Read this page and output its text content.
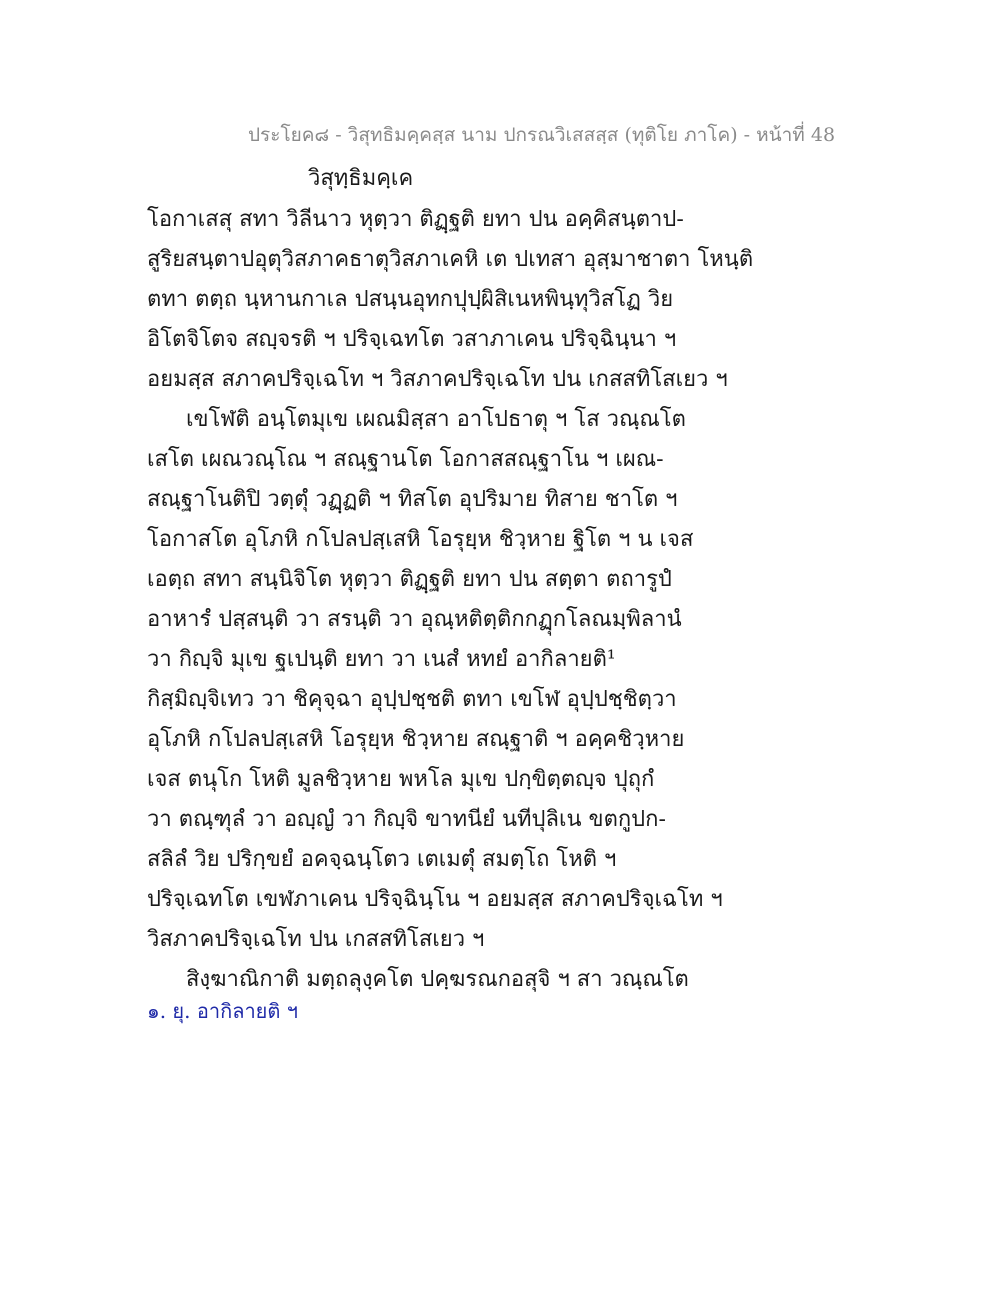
ประโยค๘ - วิสุทธิมคฺคสฺส นาม ปกรณวิเสสสฺส (ทุติโย ภาโค) - หน้าที่ 48
วิสุทฺธิมคฺเค
โอกาเสสุ สทา วิลีนาว หุตฺวา ติฏฺฐติ ยทา ปน อคฺคิสนฺตาป-
สูริยสนฺตาปอุตุวิสภาคธาตุวิสภาเคหิ เต ปเทสา อุสฺมาชาตา โหนฺติ
ตทา ตตฺถ นฺหานกาเล ปสนฺนอุทกปุปฺผิสิเนหพินฺทุวิสโฏ วิย
อิโตจิโตจ สญฺจรติ ฯ ปริจฺเฉทโต วสาภาเคน ปริจฺฉินฺนา ฯ
อยมสฺส สภาคปริจฺเฉโท ฯ วิสภาคปริจฺเฉโท ปน เกสสทิโสเยว ฯ
เขโฬติ อนฺโตมุเข เผณมิสฺสา อาโปธาตุ ฯ โส วณฺณโต
เสโต เผณวณฺโณ ฯ สณฺฐานโต โอกาสสณฺฐาโน ฯ เผณ-
สณฺฐาโนติปิ วตฺตุํ วฏฺฏติ ฯ ทิสโต อุปริมาย ทิสาย ชาโต ฯ
โอกาสโต อุโภหิ กโปลปสฺเสหิ โอรุยฺห ชิวฺหาย ฐิโต ฯ น เจส
เอตฺถ สทา สนฺนิจิโต หุตฺวา ติฏฺฐติ ยทา ปน สตฺตา ตถารูปํ
อาหารํ ปสฺสนฺติ วา สรนฺติ วา อุณฺหติตฺติกกฏุกโลณมฺพิลานํ
วา กิญฺจิ มุเข ฐเปนฺติ ยทา วา เนสํ หทยํ อากิลายติ¹
กิสฺมิญฺจิเทว วา ชิคุจฺฉา อุปฺปชฺชติ ตทา เขโฬ อุปฺปชฺชิตฺวา
อุโภหิ กโปลปสฺเสหิ โอรุยฺห ชิวฺหาย สณฺฐาติ ฯ อคฺคชิวฺหาย
เจส ตนุโก โหติ มูลชิวฺหาย พหโล มุเข ปกฺขิตฺตญฺจ ปุถุกํ
วา ตณฺฑุลํ วา อญฺญํ วา กิญฺจิ ขาทนียํ นทีปุลิเน ขตกูปก-
สลิลํ วิย ปริกฺขยํ อคจฺฉนฺโตว เตเมตุํ สมตฺโถ โหติ ฯ
ปริจฺเฉทโต เขฬภาเคน ปริจฺฉินฺโน ฯ อยมสฺส สภาคปริจฺเฉโท ฯ
วิสภาคปริจฺเฉโท ปน เกสสทิโสเยว ฯ
สิงฺฆาณิกาติ มตฺถลุงฺคโต ปคฺฆรณกอสุจิ ฯ สา วณฺณโต
๑. ยุ. อากิลายติ ฯ
